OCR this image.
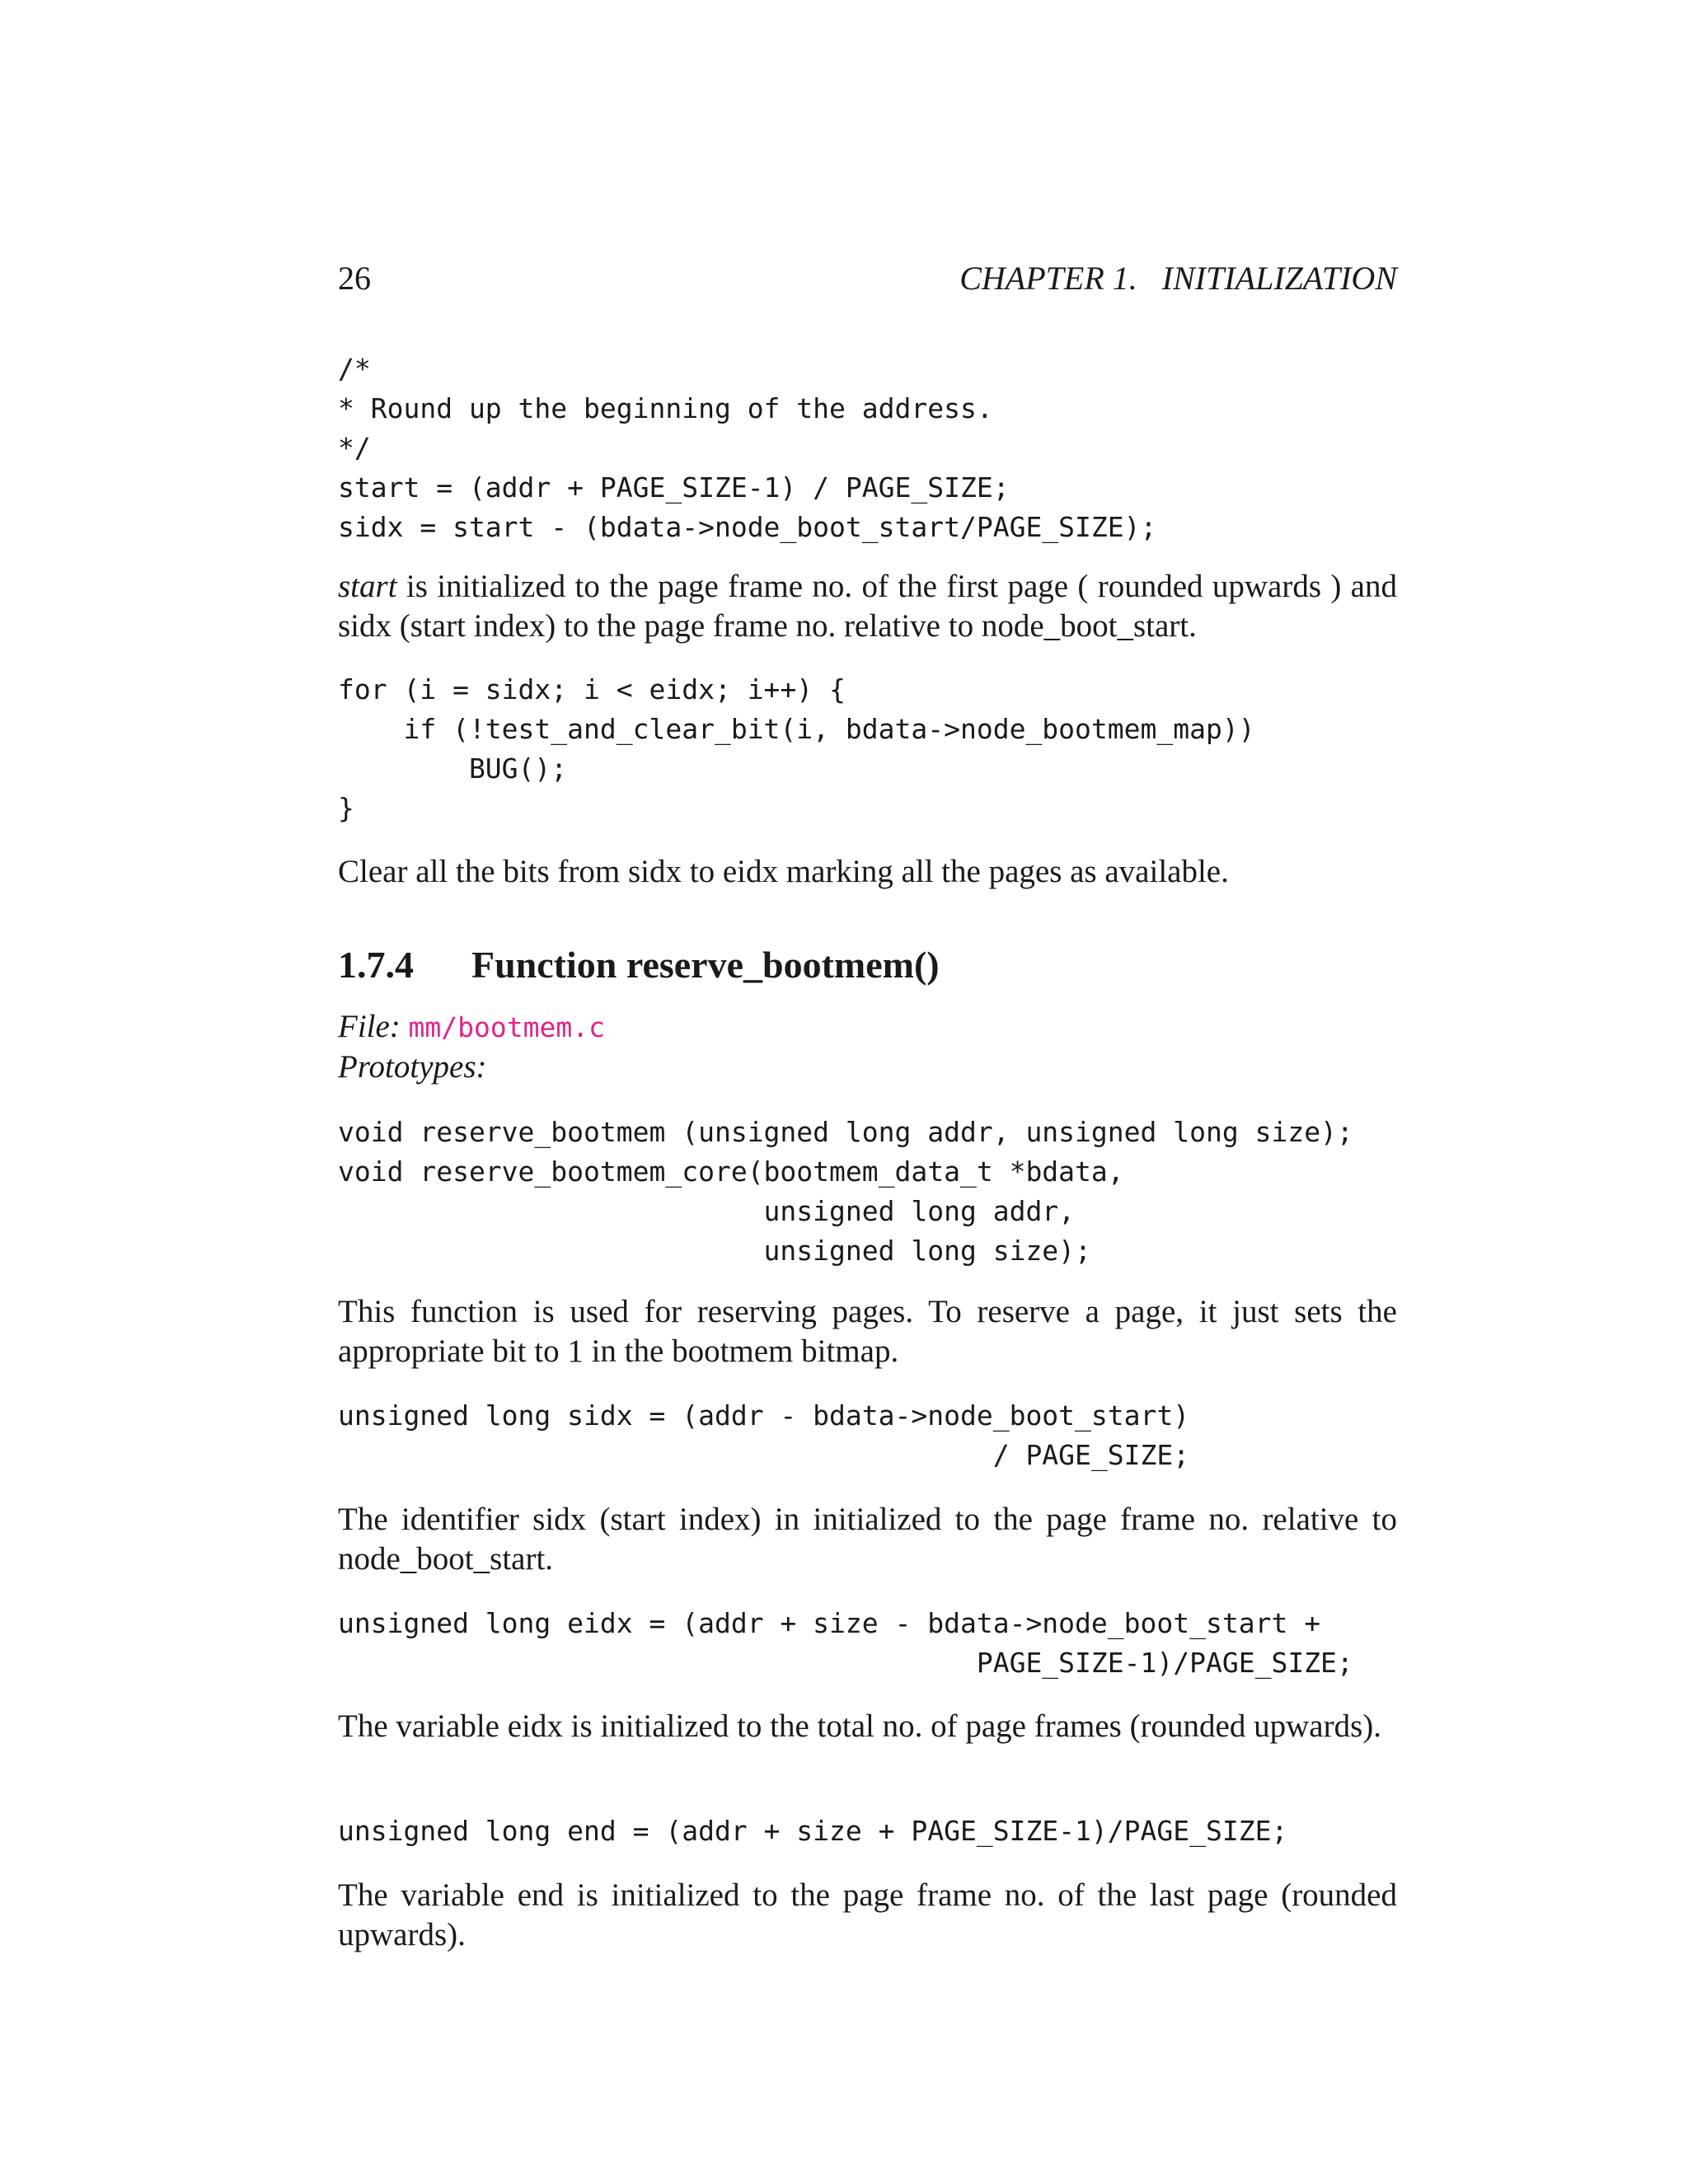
26	CHAPTER 1.   INITIALIZATION
/*
* Round up the beginning of the address.
*/
start = (addr + PAGE_SIZE-1) / PAGE_SIZE;
sidx = start - (bdata->node_boot_start/PAGE_SIZE);

start is initialized to the page frame no. of the first page ( rounded upwards ) and sidx (start index) to the page frame no. relative to node_boot_start.

for (i = sidx; i < eidx; i++) {
if (!test_and_clear_bit(i, bdata->node_bootmem_map))
BUG();
}

Clear all the bits from sidx to eidx marking all the pages as available.

1.7.4 Function reserve_bootmem()
File: mm/bootmem.c
Prototypes:
void reserve_bootmem (unsigned long addr, unsigned long size);
void reserve_bootmem_core(bootmem_data_t *bdata,
unsigned long addr,
unsigned long size);

This function is used for reserving pages. To reserve a page, it just sets the appropriate bit to 1 in the bootmem bitmap.

unsigned long sidx = (addr - bdata->node_boot_start)
/ PAGE_SIZE;

The identifier sidx (start index) in initialized to the page frame no. relative to node_boot_start.

unsigned long eidx = (addr + size - bdata->node_boot_start +
PAGE_SIZE-1)/PAGE_SIZE;

The variable eidx is initialized to the total no. of page frames (rounded upwards).

unsigned long end = (addr + size + PAGE_SIZE-1)/PAGE_SIZE;

The variable end is initialized to the page frame no. of the last page (rounded upwards).
